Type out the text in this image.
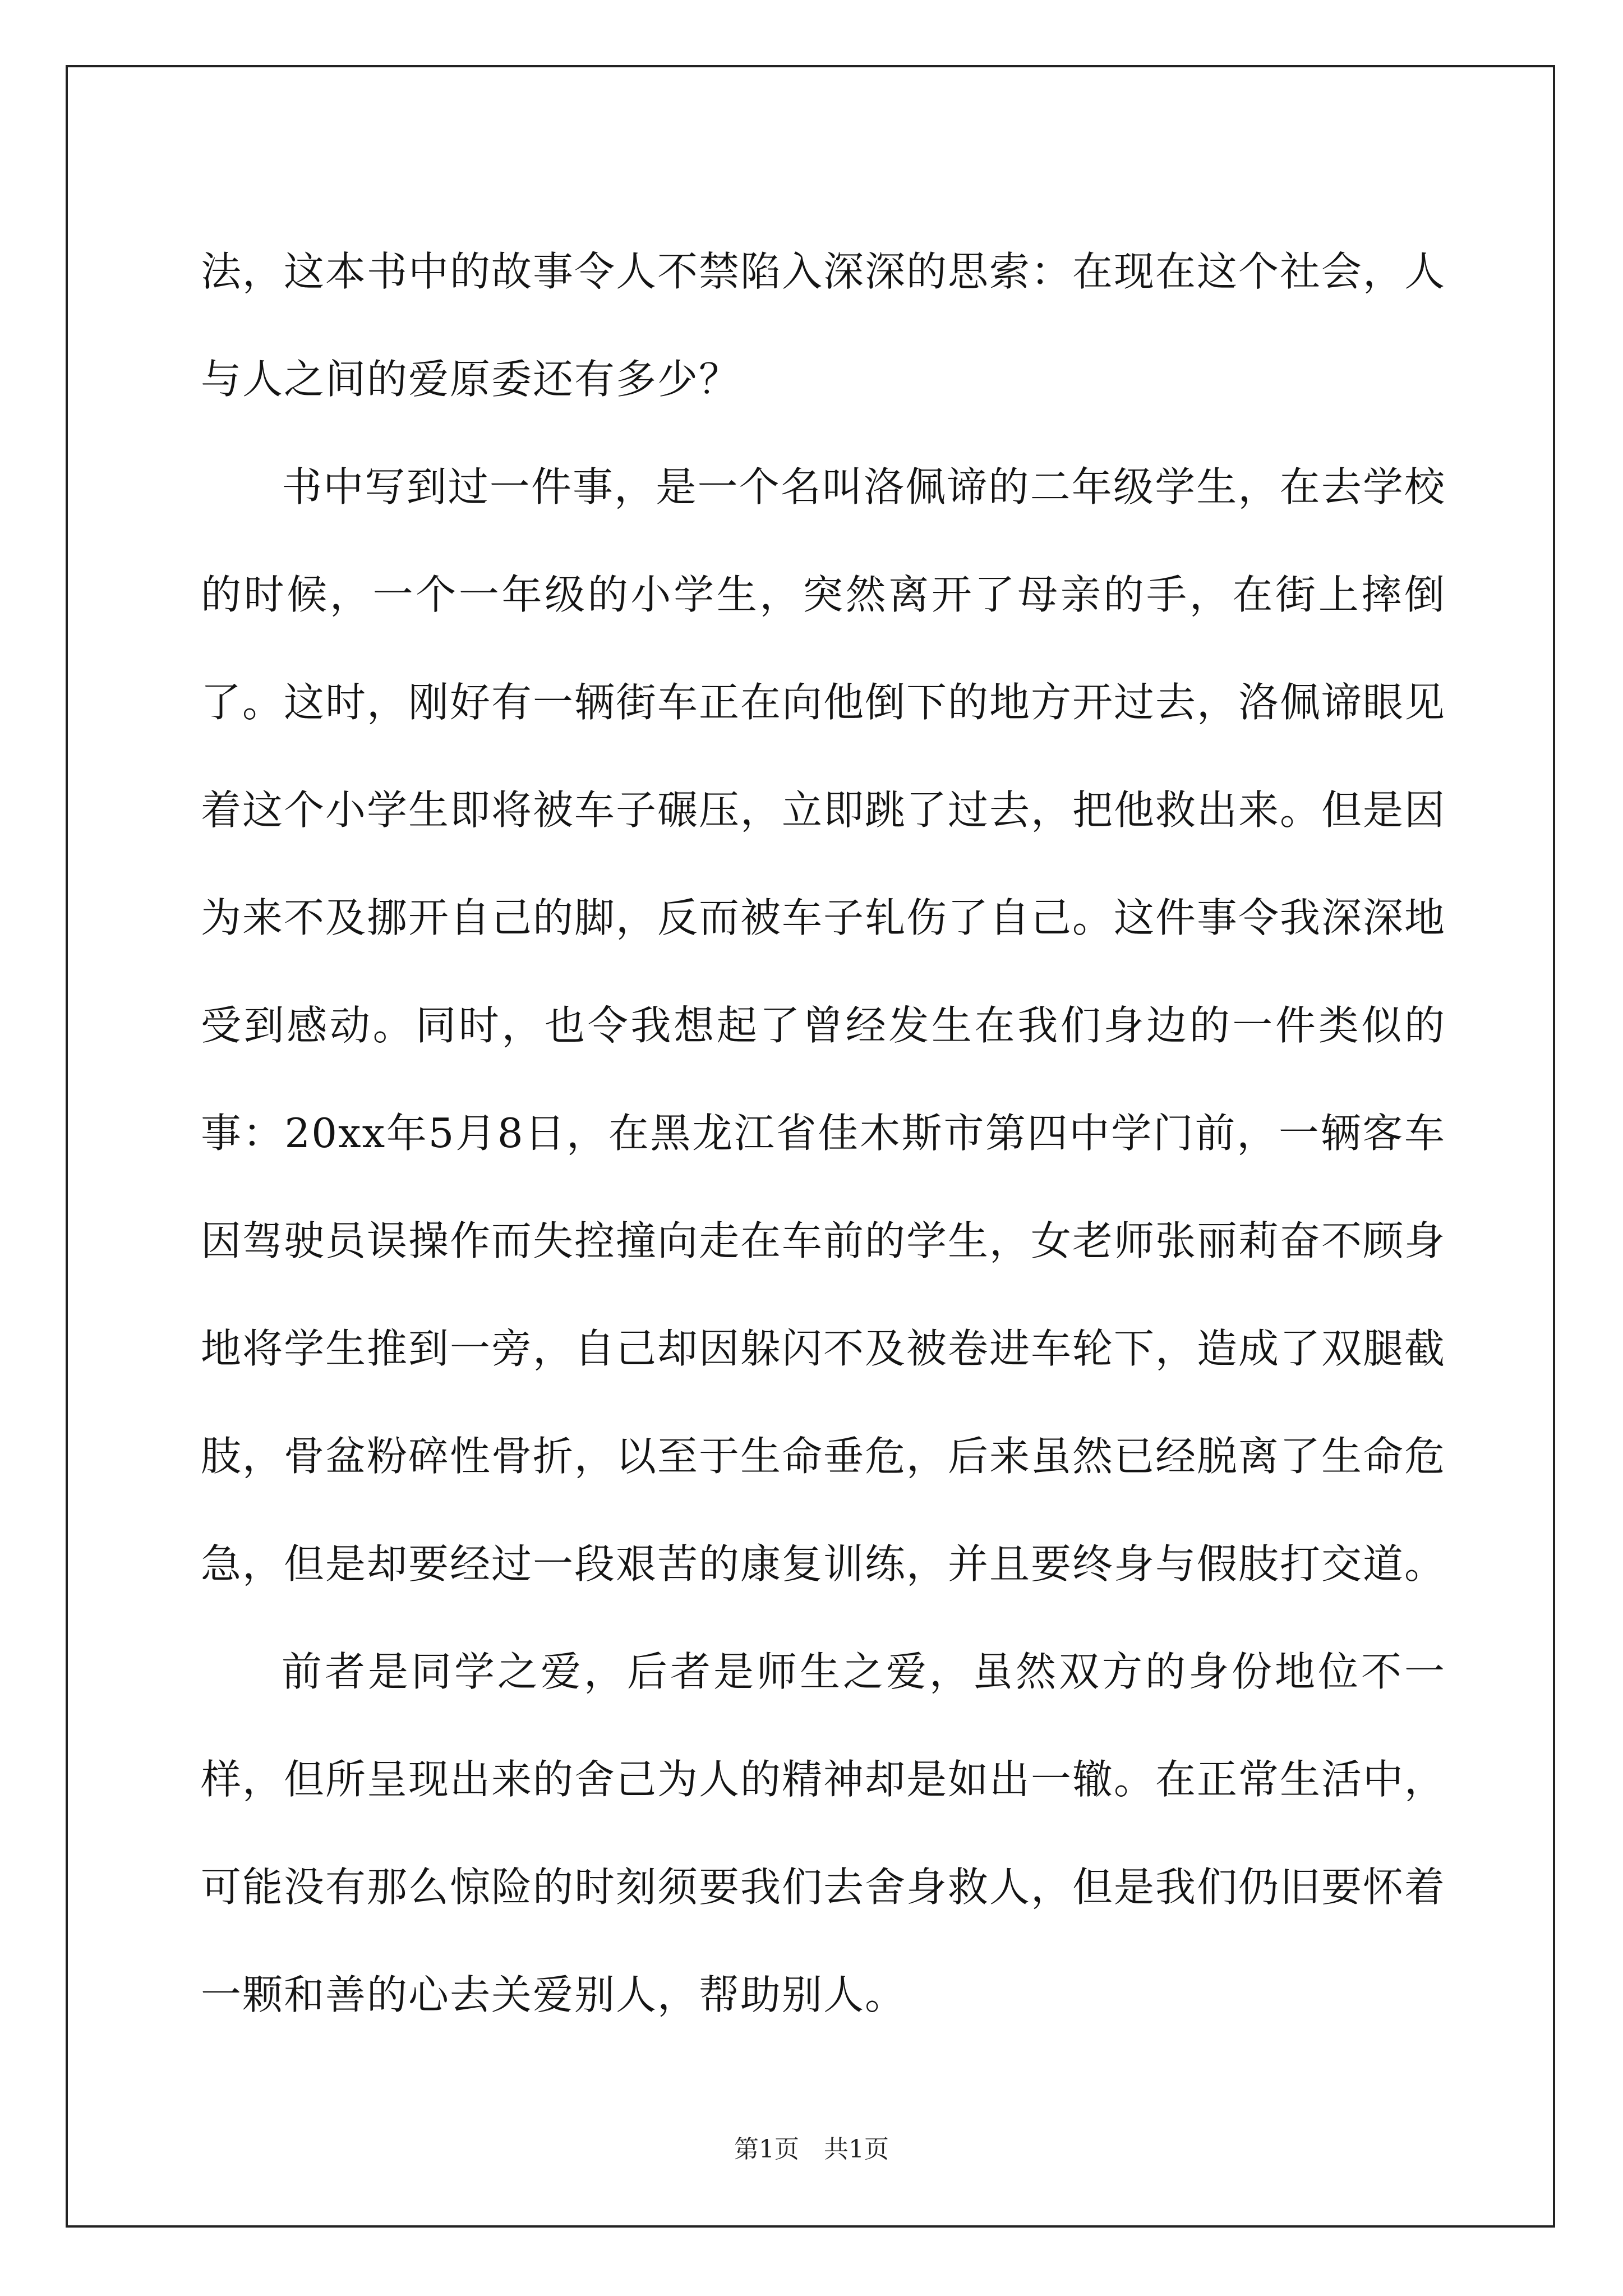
法，这本书中的故事令人不禁陷入深深的思索：在现在这个社会，人与人之间的爱原委还有多少？

书中写到过一件事，是一个名叫洛佩谛的二年级学生，在去学校的时候，一个一年级的小学生，突然离开了母亲的手，在街上摔倒了。这时，刚好有一辆街车正在向他倒下的地方开过去，洛佩谛眼见着这个小学生即将被车子碾压，立即跳了过去，把他救出来。但是因为来不及挪开自己的脚，反而被车子轧伤了自己。这件事令我深深地受到感动。同时，也令我想起了曾经发生在我们身边的一件类似的事：20xx年5月8日，在黑龙江省佳木斯市第四中学门前，一辆客车因驾驶员误操作而失控撞向走在车前的学生，女老师张丽莉奋不顾身地将学生推到一旁，自己却因躲闪不及被卷进车轮下，造成了双腿截肢，骨盆粉碎性骨折，以至于生命垂危，后来虽然已经脱离了生命危急，但是却要经过一段艰苦的康复训练，并且要终身与假肢打交道。

前者是同学之爱，后者是师生之爱，虽然双方的身份地位不一样，但所呈现出来的舍己为人的精神却是如出一辙。在正常生活中，可能没有那么惊险的时刻须要我们去舍身救人，但是我们仍旧要怀着一颗和善的心去关爱别人，帮助别人。

第1页 共1页
